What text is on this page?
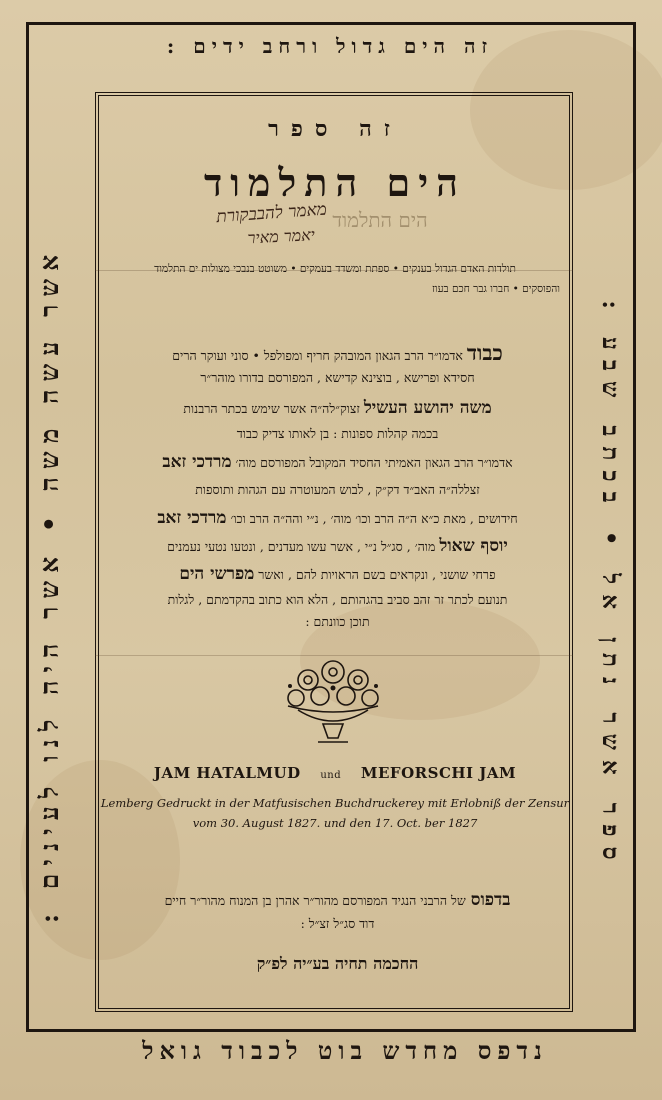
זה הים גדול ורחב ידים :
אשר עשה משה • אשר היה לנו לעינים :	ספר אשר נתן אל • בכתב שבע :
זה ספר
הים התלמוד
מאמר להבבקורת
יאמר מאיר
הים התלמוד
תולדות האדם הגדול בענקים • ספתת ומשדד בעמקים • משוטט בנבכי מצולות ים התלמוד
והפוסקים • חברו גבר חכם בעוז
כבוד אדמו״ר הרב הגאון המובהק חריף ומפולפל • סוני ועוקר הרים
חסידא ופרישא , בוצינא קדישא , המפורסם בדורו מוהר״ר
משה יהושע העשיל זצוק״לה״ה אשר שימש בכתר הרבנות
בכמה קהלות ספונות : בן לאותו צדיק כבוד
אדמו״ר הרב הגאון האמיתי החסיד המקובל המפורסם מוה׳ מרדכי זאב
זצללה״ה האב״ד דק״ק , לבוש המעוטרה עם הגהות ותוספות
חידושים , מאת כ״א ה״ה הרב וכו׳ מוה׳ , נ״י והה״ה הרב וכו׳ מרדכי זאב
יוסף שאול מוה׳ , סג״ל נ״י , אשר עשו מעדנים , ונטעו נטעי נעמנים
פרחי שושני , ונקראים בשם הראויות להם , ואשר מפרשי הים
תנועם לכתר זר זהב סביב בהגהותם , הלא הוא כתוב בהקדמתם , לגלות
תוכן כוונתם :
JAM HATALMUD und MEFORSCHI JAM
Lemberg Gedruckt in der Matfusischen Buchdruckerey mit Erlobniß der Zensur
vom 30. August 1827. und den 17. Oct. ber 1827
בדפוס של הרבני הנגיד המפורסם מהור״ר אהרן בן המנוח מהור״ר חיים
דוד סג״ל זצ״ל :
החכמה תחיה בע״יה לפ״ק
נדפס מחדש בוט לכבוד גואל
